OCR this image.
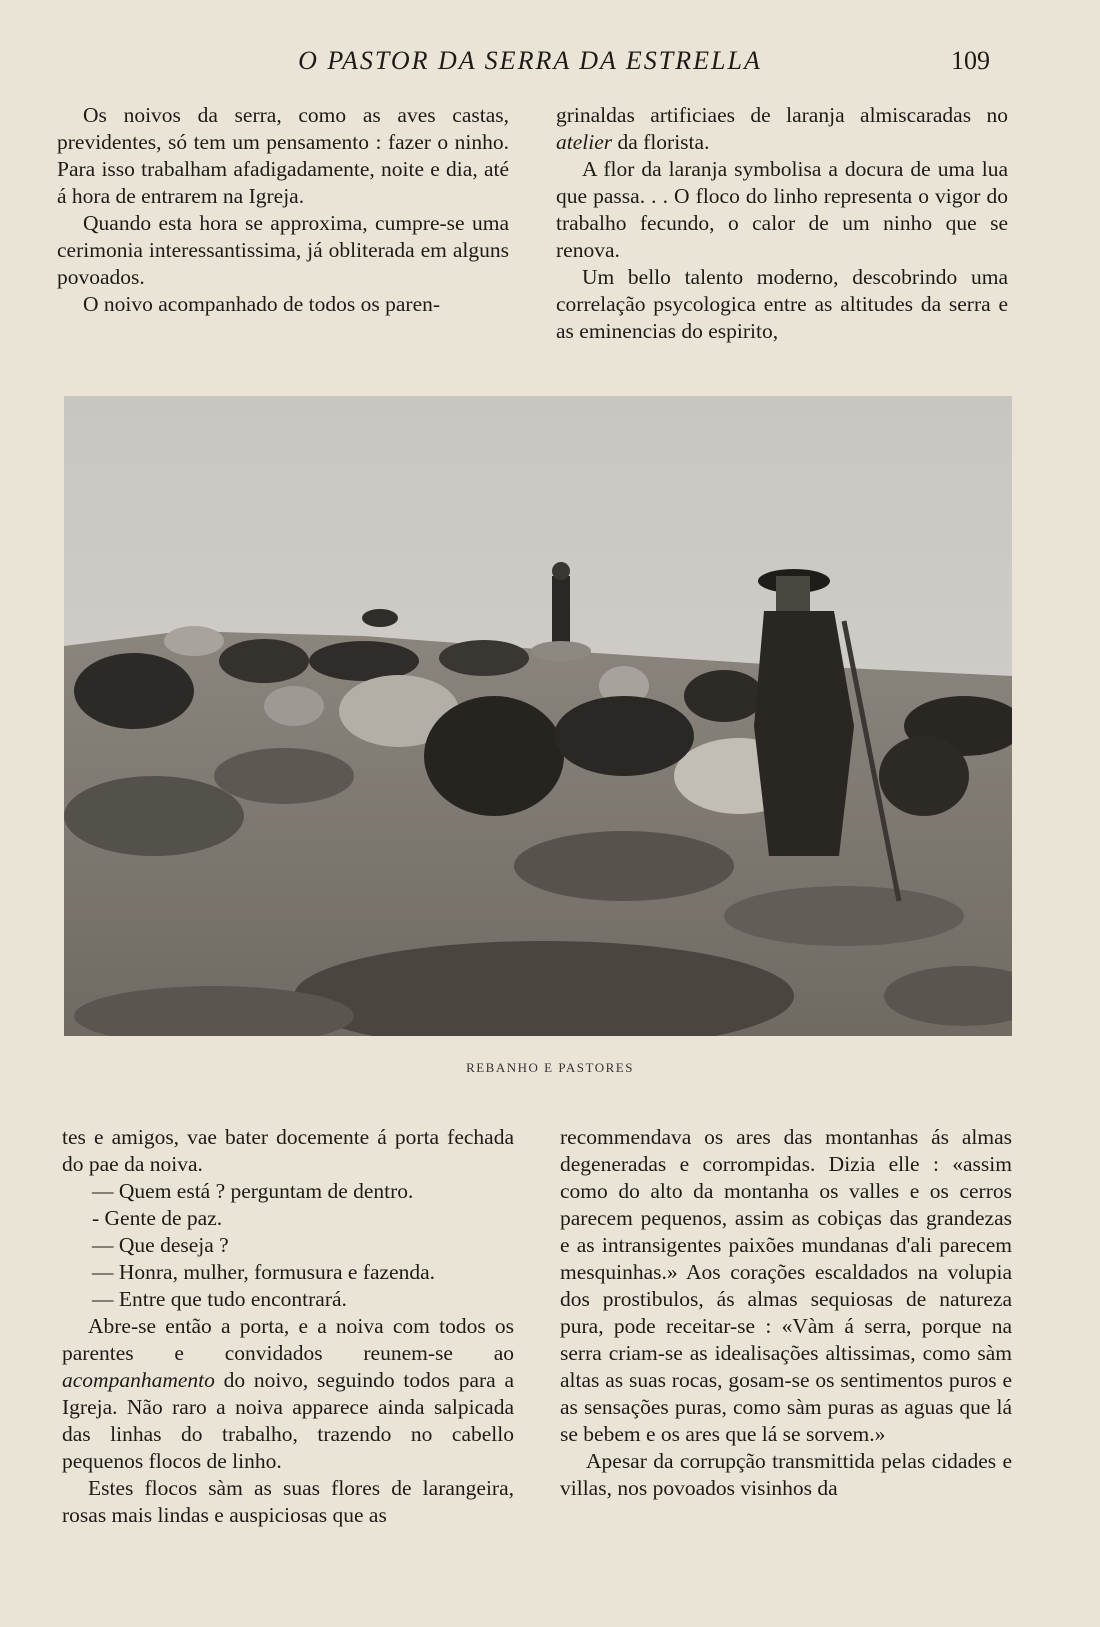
O PASTOR DA SERRA DA ESTRELLA	109

Os noivos da serra, como as aves castas, previdentes, só tem um pensamento : fazer o ninho. Para isso trabalham afadigadamente, noite e dia, até á hora de entrarem na Igreja.

Quando esta hora se approxima, cumpre-se uma cerimonia interessantissima, já obliterada em alguns povoados.

O noivo acompanhado de todos os paren-

grinaldas artificiaes de laranja almiscaradas no atelier da florista.

A flor da laranja symbolisa a docura de uma lua que passa. . . O floco do linho representa o vigor do trabalho fecundo, o calor de um ninho que se renova.

Um bello talento moderno, descobrindo uma correlação psycologica entre as altitudes da serra e as eminencias do espirito,

REBANHO E PASTORES

tes e amigos, vae bater docemente á porta fechada do pae da noiva.

— Quem está ? perguntam de dentro.

- Gente de paz.

— Que deseja ?

— Honra, mulher, formusura e fazenda.

— Entre que tudo encontrará.

Abre-se então a porta, e a noiva com todos os parentes e convidados reunem-se ao acompanhamento do noivo, seguindo todos para a Igreja. Não raro a noiva apparece ainda salpicada das linhas do trabalho, trazendo no cabello pequenos flocos de linho.

Estes flocos sàm as suas flores de larangeira, rosas mais lindas e auspiciosas que as

recommendava os ares das montanhas ás almas degeneradas e corrompidas. Dizia elle : «assim como do alto da montanha os valles e os cerros parecem pequenos, assim as cobiças das grandezas e as intransigentes paixões mundanas d'ali parecem mesquinhas.» Aos corações escaldados na volupia dos prostibulos, ás almas sequiosas de natureza pura, pode receitar-se : «Vàm á serra, porque na serra criam-se as idealisações altissimas, como sàm altas as suas rocas, gosam-se os sentimentos puros e as sensações puras, como sàm puras as aguas que lá se bebem e os ares que lá se sorvem.»

Apesar da corrupção transmittida pelas cidades e villas, nos povoados visinhos da
